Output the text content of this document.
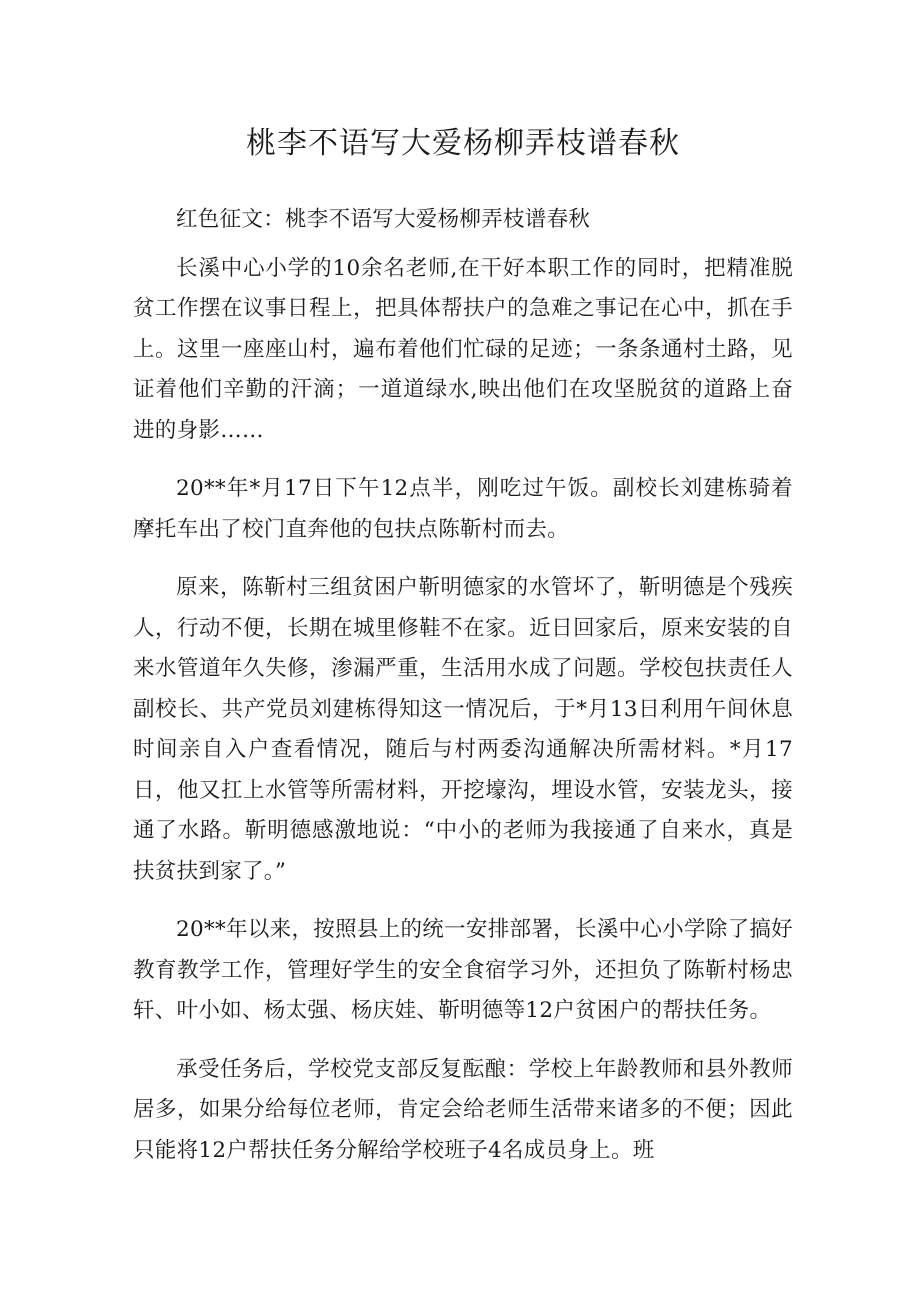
桃李不语写大爱杨柳弄枝谱春秋

红色征文：桃李不语写大爱杨柳弄枝谱春秋

长溪中心小学的10余名老师,在干好本职工作的同时，把精准脱贫工作摆在议事日程上，把具体帮扶户的急难之事记在心中，抓在手上。这里一座座山村，遍布着他们忙碌的足迹；一条条通村土路，见证着他们辛勤的汗滴；一道道绿水,映出他们在攻坚脱贫的道路上奋进的身影……

20**年*月17日下午12点半，刚吃过午饭。副校长刘建栋骑着摩托车出了校门直奔他的包扶点陈靳村而去。

原来，陈靳村三组贫困户靳明德家的水管坏了，靳明德是个残疾人，行动不便，长期在城里修鞋不在家。近日回家后，原来安装的自来水管道年久失修，渗漏严重，生活用水成了问题。学校包扶责任人副校长、共产党员刘建栋得知这一情况后，于*月13日利用午间休息时间亲自入户查看情况，随后与村两委沟通解决所需材料。*月17日，他又扛上水管等所需材料，开挖壕沟，埋设水管，安装龙头，接通了水路。靳明德感激地说：“中小的老师为我接通了自来水，真是扶贫扶到家了。”

20**年以来，按照县上的统一安排部署，长溪中心小学除了搞好教育教学工作，管理好学生的安全食宿学习外，还担负了陈靳村杨忠轩、叶小如、杨太强、杨庆娃、靳明德等12户贫困户的帮扶任务。

承受任务后，学校党支部反复酝酿：学校上年龄教师和县外教师居多，如果分给每位老师，肯定会给老师生活带来诸多的不便；因此只能将12户帮扶任务分解给学校班子4名成员身上。班
